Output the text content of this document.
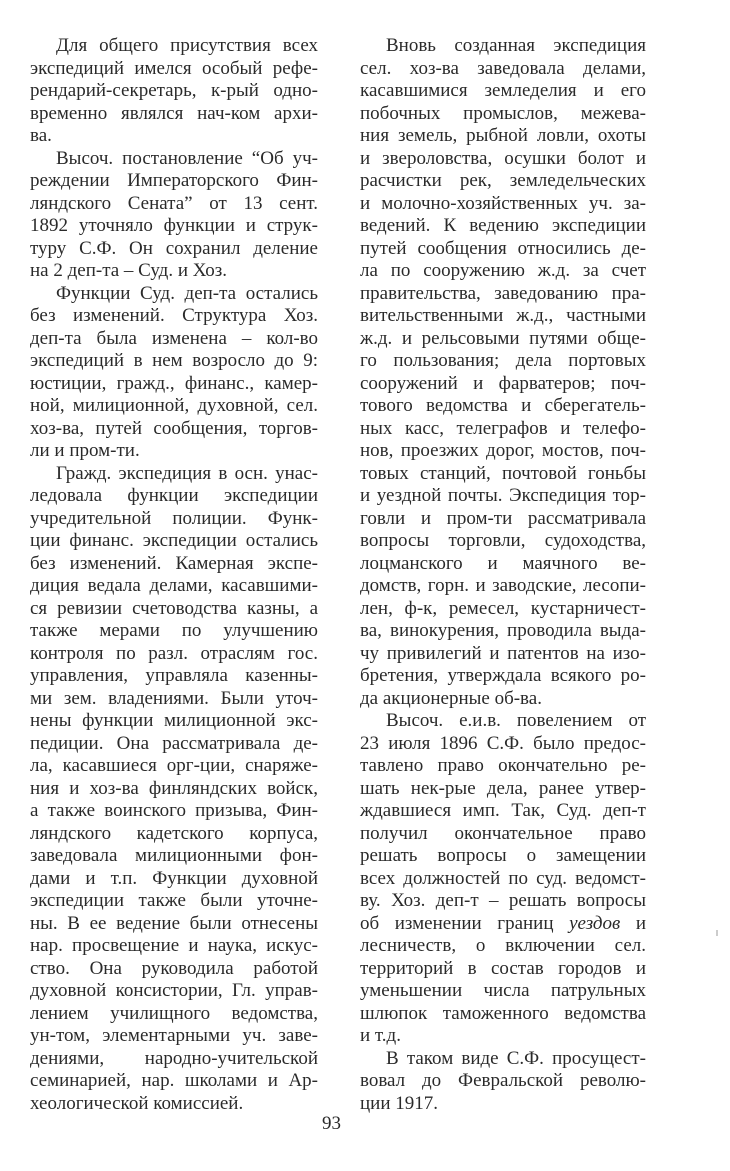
Для общего присутствия всех
экспедиций имелся особый рефе-
рендарий-секретарь, к-рый одно-
временно являлся нач-ком архи-
ва.
Высоч. постановление “Об уч-
реждении Императорского Фин-
ляндского Сената” от 13 сент.
1892 уточняло функции и струк-
туру С.Ф. Он сохранил деление
на 2 деп-та – Суд. и Хоз.
Функции Суд. деп-та остались
без изменений. Структура Хоз.
деп-та была изменена – кол-во
экспедиций в нем возросло до 9:
юстиции, гражд., финанс., камер-
ной, милиционной, духовной, сел.
хоз-ва, путей сообщения, торгов-
ли и пром-ти.
Гражд. экспедиция в осн. унас-
ледовала функции экспедиции
учредительной полиции. Функ-
ции финанс. экспедиции остались
без изменений. Камерная экспе-
диция ведала делами, касавшими-
ся ревизии счетоводства казны, а
также мерами по улучшению
контроля по разл. отраслям гос.
управления, управляла казенны-
ми зем. владениями. Были уточ-
нены функции милиционной экс-
педиции. Она рассматривала де-
ла, касавшиеся орг-ции, снаряже-
ния и хоз-ва финляндских войск,
а также воинского призыва, Фин-
ляндского кадетского корпуса,
заведовала милиционными фон-
дами и т.п. Функции духовной
экспедиции также были уточне-
ны. В ее ведение были отнесены
нар. просвещение и наука, искус-
ство. Она руководила работой
духовной консистории, Гл. управ-
лением училищного ведомства,
ун-том, элементарными уч. заве-
дениями, народно-учительской
семинарией, нар. школами и Ар-
хеологической комиссией.
Вновь созданная экспедиция
сел. хоз-ва заведовала делами,
касавшимися земледелия и его
побочных промыслов, межева-
ния земель, рыбной ловли, охоты
и звероловства, осушки болот и
расчистки рек, земледельческих
и молочно-хозяйственных уч. за-
ведений. К ведению экспедиции
путей сообщения относились де-
ла по сооружению ж.д. за счет
правительства, заведованию пра-
вительственными ж.д., частными
ж.д. и рельсовыми путями обще-
го пользования; дела портовых
сооружений и фарватеров; поч-
тового ведомства и сберегатель-
ных касс, телеграфов и телефо-
нов, проезжих дорог, мостов, поч-
товых станций, почтовой гоньбы
и уездной почты. Экспедиция тор-
говли и пром-ти рассматривала
вопросы торговли, судоходства,
лоцманского и маячного ве-
домств, горн. и заводские, лесопи-
лен, ф-к, ремесел, кустарничест-
ва, винокурения, проводила выда-
чу привилегий и патентов на изо-
бретения, утверждала всякого ро-
да акционерные об-ва.
Высоч. е.и.в. повелением от
23 июля 1896 С.Ф. было предос-
тавлено право окончательно ре-
шать нек-рые дела, ранее утвер-
ждавшиеся имп. Так, Суд. деп-т
получил окончательное право
решать вопросы о замещении
всех должностей по суд. ведомст-
ву. Хоз. деп-т – решать вопросы
об изменении границ уездов и
лесничеств, о включении сел.
территорий в состав городов и
уменьшении числа патрульных
шлюпок таможенного ведомства
и т.д.
В таком виде С.Ф. просущест-
вовал до Февральской револю-
ции 1917.
93
